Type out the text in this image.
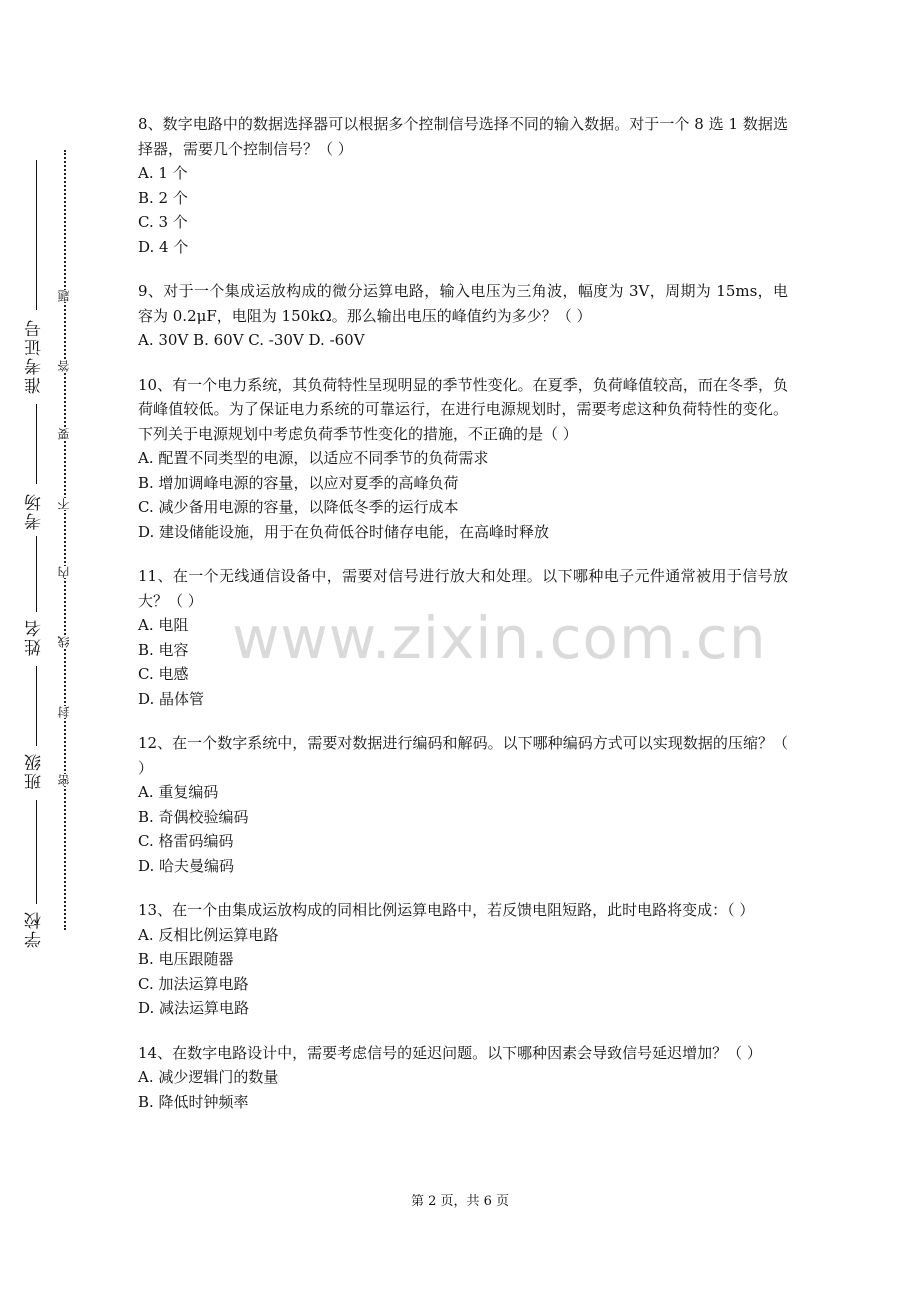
准考证号
考场
姓名
班级
学校
题
答
要
不
内
线
封
密

8、数字电路中的数据选择器可以根据多个控制信号选择不同的输入数据。对于一个 8 选 1 数据选择器，需要几个控制信号？（ ）

A. 1 个

B. 2 个

C. 3 个

D. 4 个

9、对于一个集成运放构成的微分运算电路，输入电压为三角波，幅度为 3V，周期为 15ms，电容为 0.2μF，电阻为 150kΩ。那么输出电压的峰值约为多少？（ ）

A. 30V B. 60V C. -30V D. -60V

10、有一个电力系统，其负荷特性呈现明显的季节性变化。在夏季，负荷峰值较高，而在冬季，负荷峰值较低。为了保证电力系统的可靠运行，在进行电源规划时，需要考虑这种负荷特性的变化。下列关于电源规划中考虑负荷季节性变化的措施，不正确的是（ ）

A. 配置不同类型的电源，以适应不同季节的负荷需求

B. 增加调峰电源的容量，以应对夏季的高峰负荷

C. 减少备用电源的容量，以降低冬季的运行成本

D. 建设储能设施，用于在负荷低谷时储存电能，在高峰时释放

11、在一个无线通信设备中，需要对信号进行放大和处理。以下哪种电子元件通常被用于信号放大？（ ）

A. 电阻

B. 电容

C. 电感

D. 晶体管

12、在一个数字系统中，需要对数据进行编码和解码。以下哪种编码方式可以实现数据的压缩？（ ）

A. 重复编码

B. 奇偶校验编码

C. 格雷码编码

D. 哈夫曼编码

13、在一个由集成运放构成的同相比例运算电路中，若反馈电阻短路，此时电路将变成：（ ）

A. 反相比例运算电路

B. 电压跟随器

C. 加法运算电路

D. 减法运算电路

14、在数字电路设计中，需要考虑信号的延迟问题。以下哪种因素会导致信号延迟增加？（ ）

A. 减少逻辑门的数量

B. 降低时钟频率

www.zixin.com.cn
第 2 页，共 6 页
